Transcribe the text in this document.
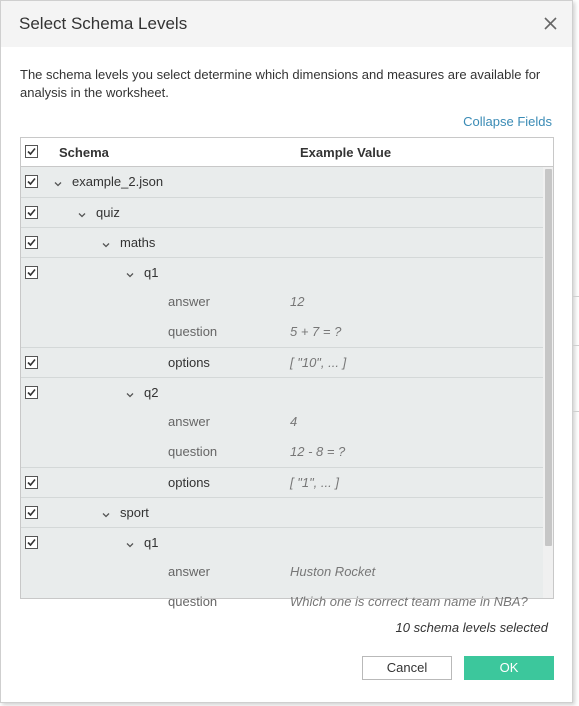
Select Schema Levels
The schema levels you select determine which dimensions and measures are available for analysis in the worksheet.
Collapse Fields
Schema	Example Value
example_2.json
quiz
maths
q1
answer	12
question	5 + 7 = ?
options	[ "10", ... ]
q2
answer	4
question	12 - 8 = ?
options	[ "1", ... ]
sport
q1
answer	Huston Rocket
question	Which one is correct team name in NBA?
10 schema levels selected
Cancel	OK
